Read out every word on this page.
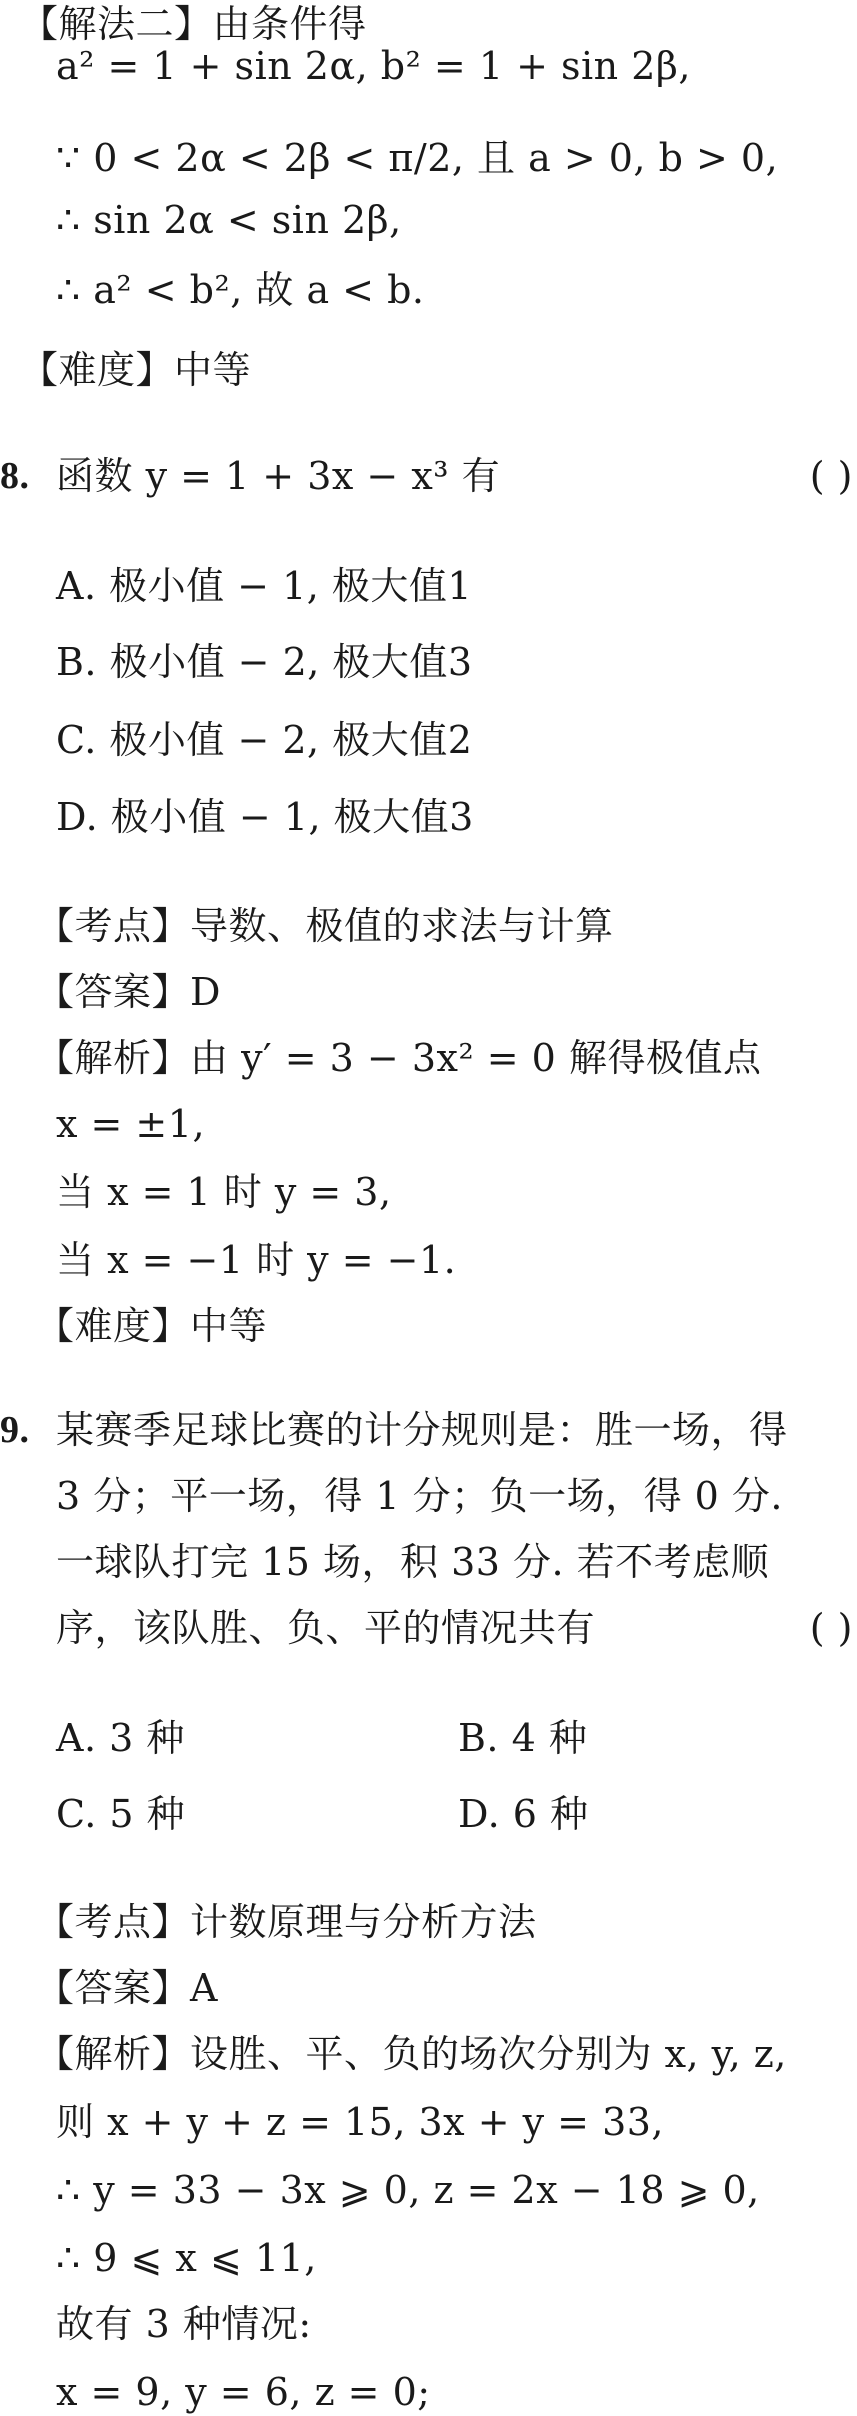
【解法二】由条件得
a² = 1 + sin 2α, b² = 1 + sin 2β,
∵ 0 < 2α < 2β < π/2, 且 a > 0, b > 0,
∴ sin 2α < sin 2β,
∴ a² < b², 故 a < b.
【难度】中等
8. 函数 y = 1 + 3x − x³ 有	( )
A. 极小值 − 1, 极大值1
B. 极小值 − 2, 极大值3
C. 极小值 − 2, 极大值2
D. 极小值 − 1, 极大值3
【考点】导数、极值的求法与计算
【答案】D
【解析】由 y′ = 3 − 3x² = 0 解得极值点
x = ±1,
当 x = 1 时 y = 3,
当 x = −1 时 y = −1.
【难度】中等
9. 某赛季足球比赛的计分规则是：胜一场，得
3 分；平一场，得 1 分；负一场，得 0 分.
一球队打完 15 场，积 33 分. 若不考虑顺
序，该队胜、负、平的情况共有	( )
A. 3 种	B. 4 种
C. 5 种	D. 6 种
【考点】计数原理与分析方法
【答案】A
【解析】设胜、平、负的场次分别为 x, y, z,
则 x + y + z = 15, 3x + y = 33,
∴ y = 33 − 3x ⩾ 0, z = 2x − 18 ⩾ 0,
∴ 9 ⩽ x ⩽ 11,
故有 3 种情况:
x = 9, y = 6, z = 0;
